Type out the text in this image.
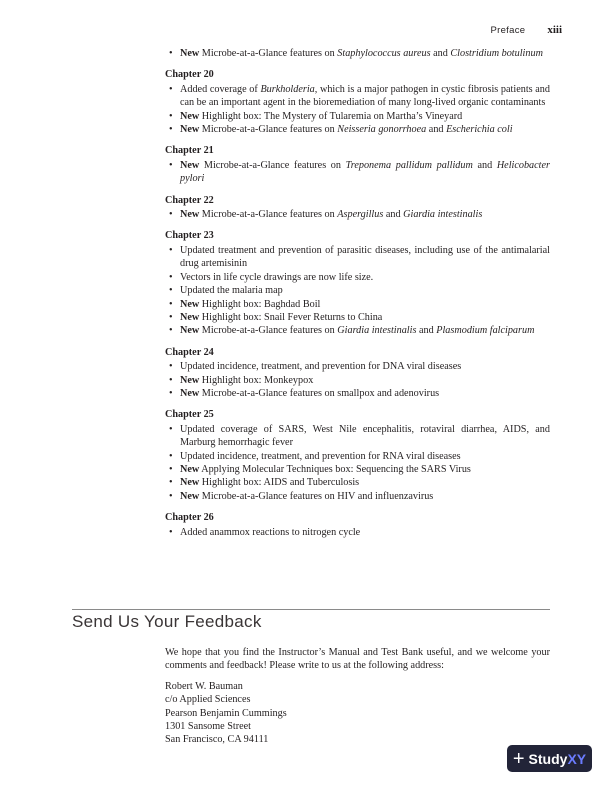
Preface xiii
• New Microbe-at-a-Glance features on Staphylococcus aureus and Clostridium botulinum
Chapter 20
• Added coverage of Burkholderia, which is a major pathogen in cystic fibrosis patients and can be an important agent in the bioremediation of many long-lived organic contaminants
• New Highlight box: The Mystery of Tularemia on Martha’s Vineyard
• New Microbe-at-a-Glance features on Neisseria gonorrhoea and Escherichia coli
Chapter 21
• New Microbe-at-a-Glance features on Treponema pallidum pallidum and Helicobacter pylori
Chapter 22
• New Microbe-at-a-Glance features on Aspergillus and Giardia intestinalis
Chapter 23
• Updated treatment and prevention of parasitic diseases, including use of the antimalarial drug artemisinin
• Vectors in life cycle drawings are now life size.
• Updated the malaria map
• New Highlight box: Baghdad Boil
• New Highlight box: Snail Fever Returns to China
• New Microbe-at-a-Glance features on Giardia intestinalis and Plasmodium falciparum
Chapter 24
• Updated incidence, treatment, and prevention for DNA viral diseases
• New Highlight box: Monkeypox
• New Microbe-at-a-Glance features on smallpox and adenovirus
Chapter 25
• Updated coverage of SARS, West Nile encephalitis, rotaviral diarrhea, AIDS, and Marburg hemorrhagic fever
• Updated incidence, treatment, and prevention for RNA viral diseases
• New Applying Molecular Techniques box: Sequencing the SARS Virus
• New Highlight box: AIDS and Tuberculosis
• New Microbe-at-a-Glance features on HIV and influenzavirus
Chapter 26
• Added anammox reactions to nitrogen cycle
Send Us Your Feedback

We hope that you find the Instructor’s Manual and Test Bank useful, and we welcome your comments and feedback! Please write to us at the following address:

Robert W. Bauman
c/o Applied Sciences
Pearson Benjamin Cummings
1301 Sansome Street
San Francisco, CA 94111
+ Study XY
